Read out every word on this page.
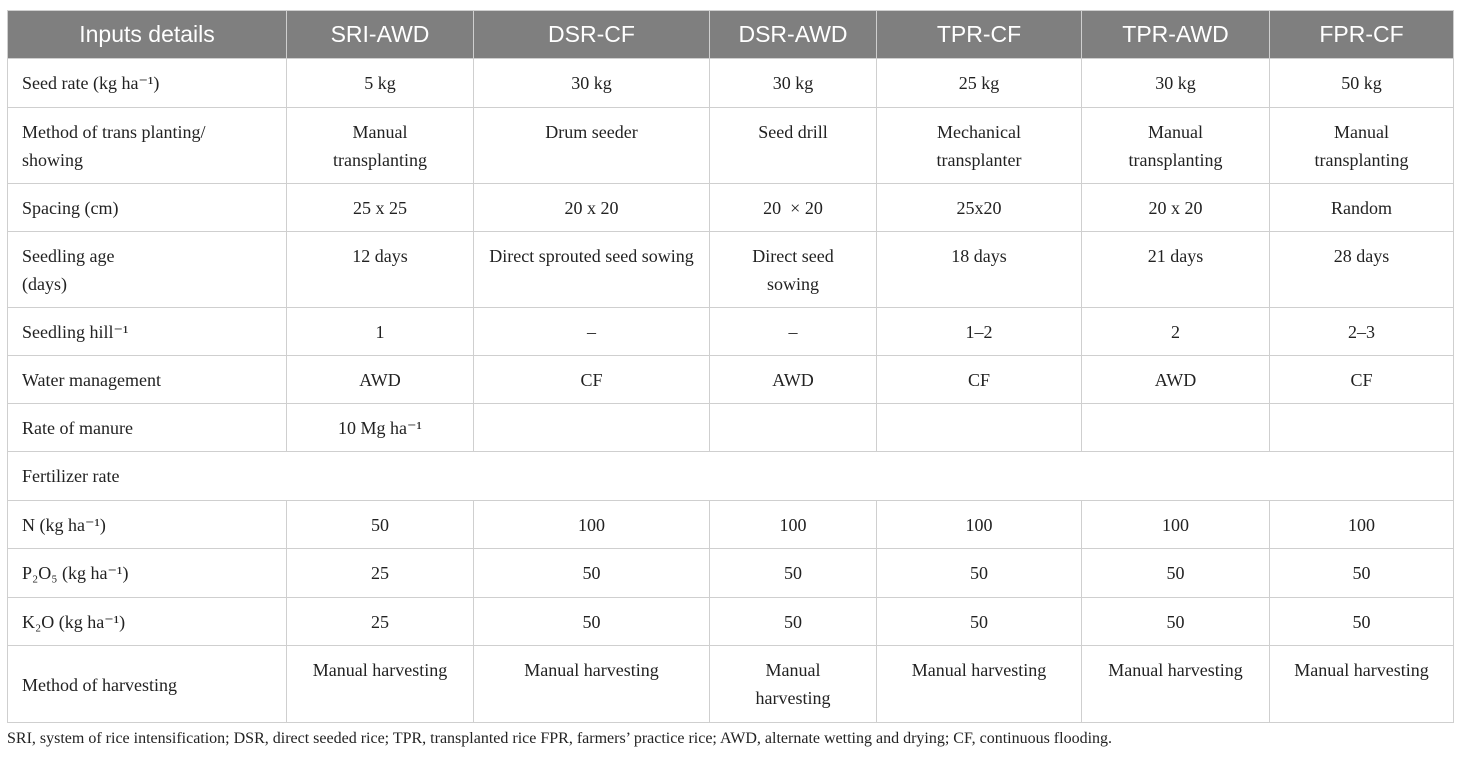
Inputs details	SRI-AWD	DSR-CF	DSR-AWD	TPR-CF	TPR-AWD	FPR-CF
Seed rate (kg ha⁻¹)	5 kg	30 kg	30 kg	25 kg	30 kg	50 kg
Method of trans planting/ showing	Manual transplanting	Drum seeder	Seed drill	Mechanical transplanter	Manual transplanting	Manual transplanting
Spacing (cm)	25 x 25	20 x 20	20  × 20	25x20	20 x 20	Random
Seedling age (days)	12 days	Direct sprouted seed sowing	Direct seed sowing	18 days	21 days	28 days
Seedling hill⁻¹	1	–	–	1–2	2	2–3
Water management	AWD	CF	AWD	CF	AWD	CF
Rate of manure	10 Mg ha⁻¹					
Fertilizer rate						
N (kg ha⁻¹)	50	100	100	100	100	100
P₂O₅ (kg ha⁻¹)	25	50	50	50	50	50
K₂O (kg ha⁻¹)	25	50	50	50	50	50
Method of harvesting	Manual harvesting	Manual harvesting	Manual harvesting	Manual harvesting	Manual harvesting	Manual harvesting
SRI, system of rice intensification; DSR, direct seeded rice; TPR, transplanted rice FPR, farmers’ practice rice; AWD, alternate wetting and drying; CF, continuous flooding.
